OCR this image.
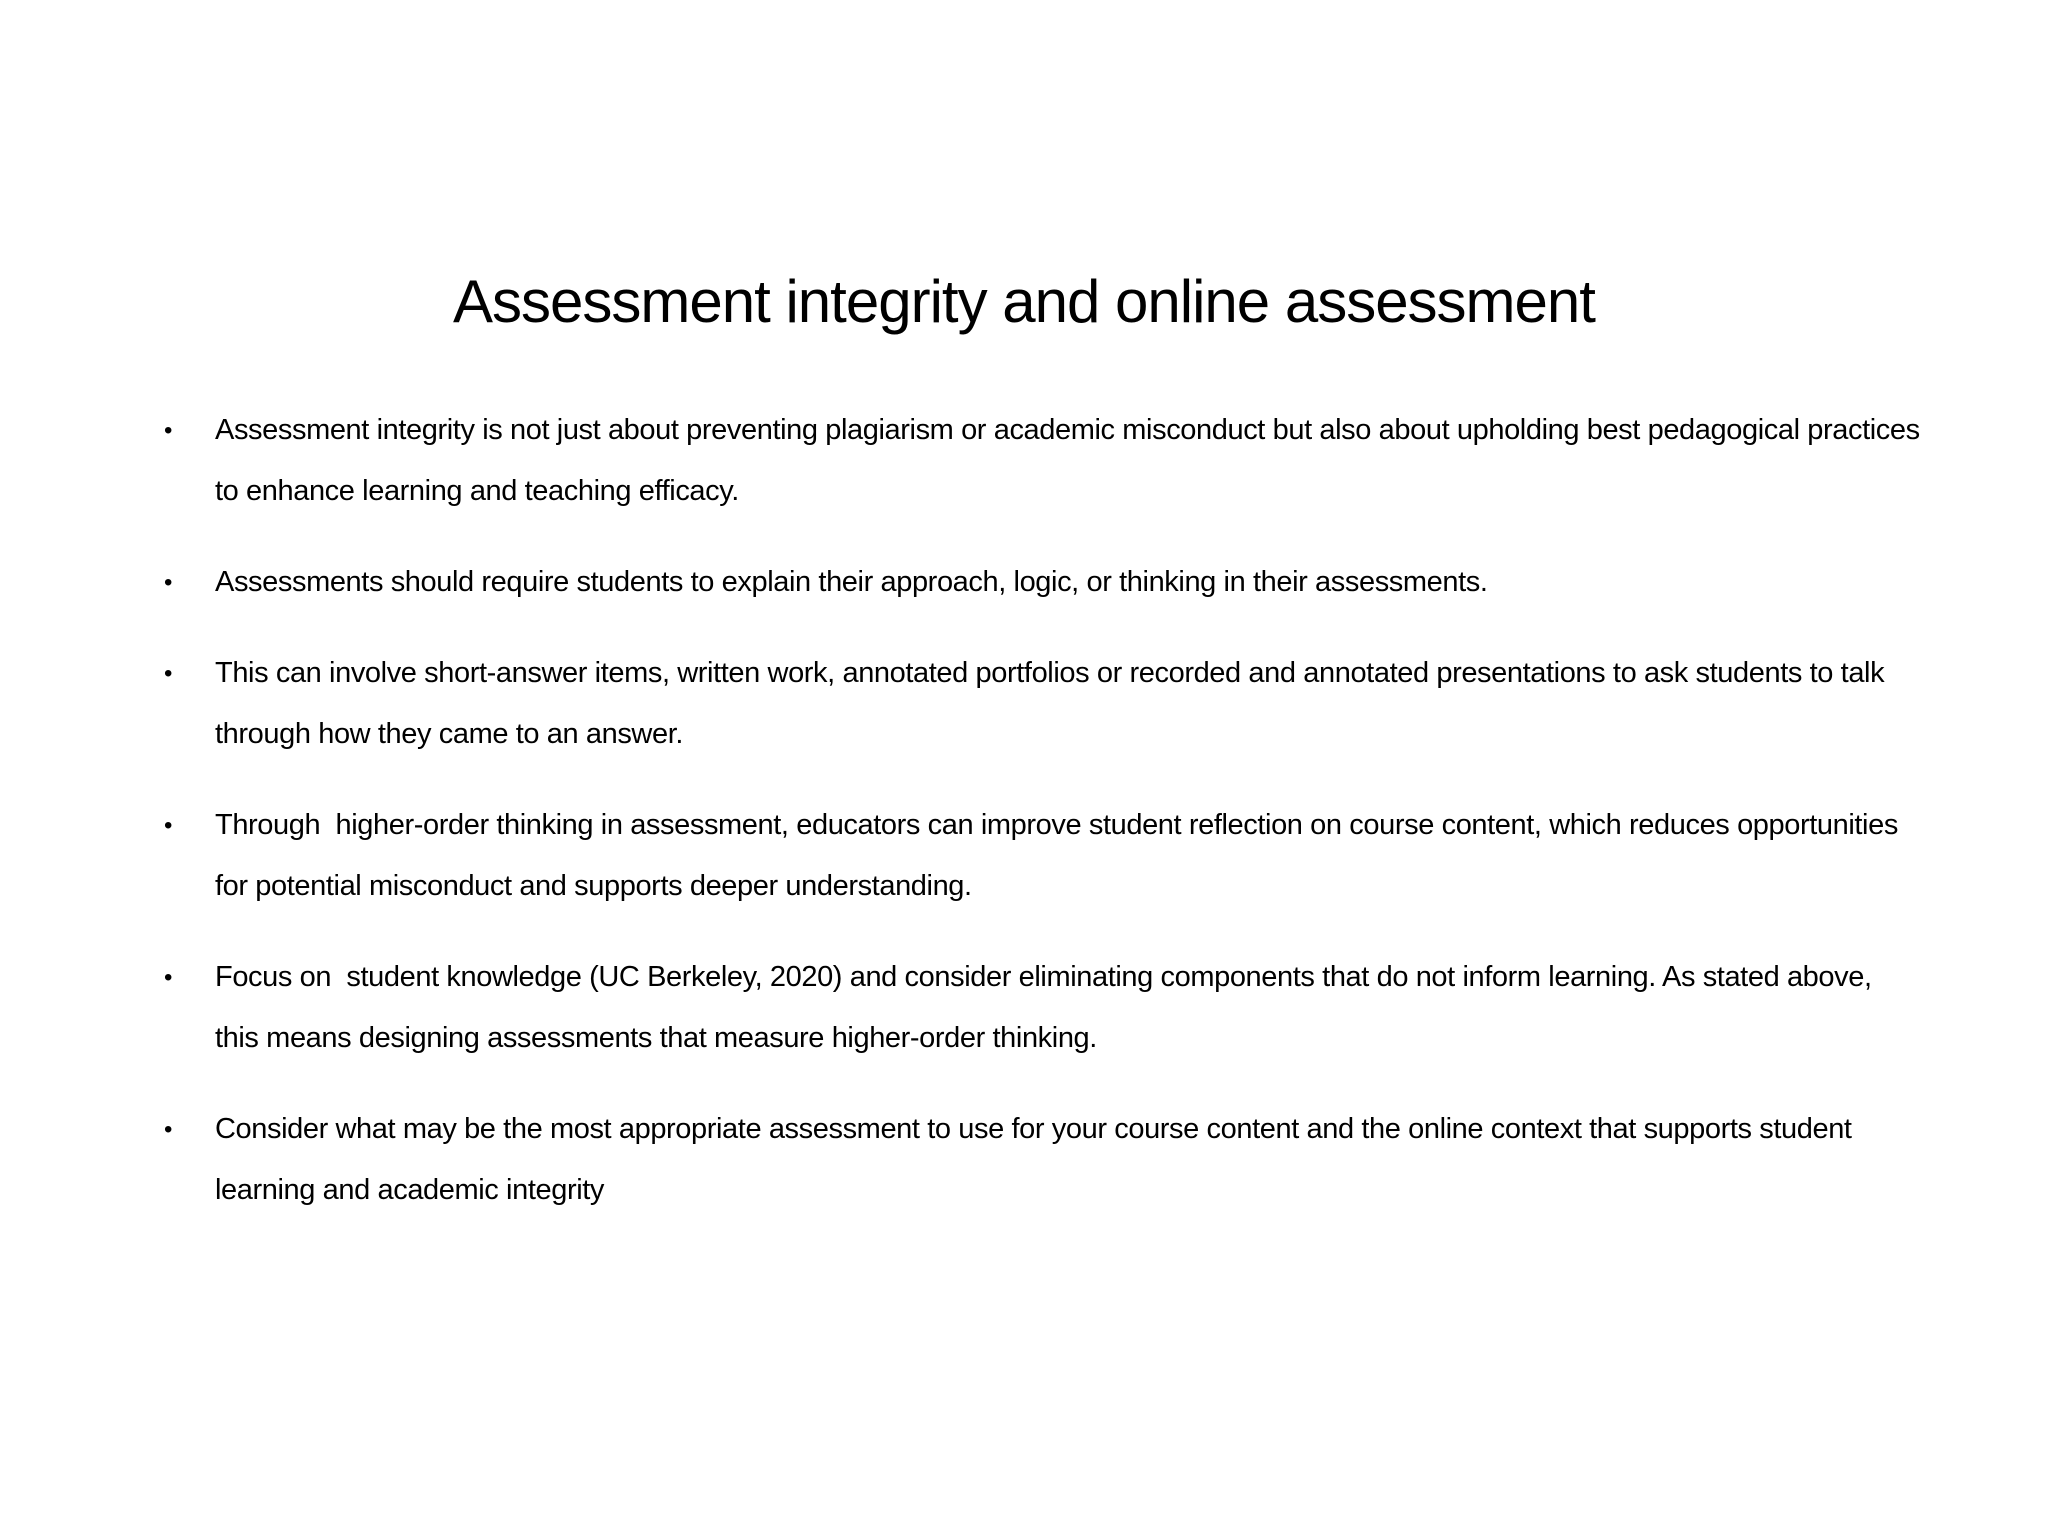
Assessment integrity and online assessment
• Assessment integrity is not just about preventing plagiarism or academic misconduct but also about upholding best pedagogical practices to enhance learning and teaching efficacy.
• Assessments should require students to explain their approach, logic, or thinking in their assessments.
• This can involve short-answer items, written work, annotated portfolios or recorded and annotated presentations to ask students to talk through how they came to an answer.
• Through  higher-order thinking in assessment, educators can improve student reflection on course content, which reduces opportunities for potential misconduct and supports deeper understanding.
• Focus on  student knowledge (UC Berkeley, 2020) and consider eliminating components that do not inform learning. As stated above, this means designing assessments that measure higher-order thinking.
• Consider what may be the most appropriate assessment to use for your course content and the online context that supports student learning and academic integrity
